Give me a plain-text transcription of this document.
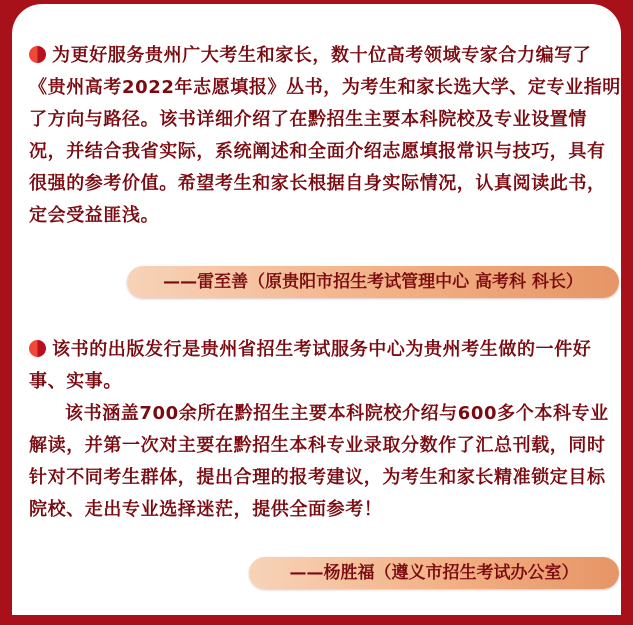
为更好服务贵州广大考生和家长，数十位高考领域专家合力编写了《贵州高考2022年志愿填报》丛书，为考生和家长选大学、定专业指明了方向与路径。该书详细介绍了在黔招生主要本科院校及专业设置情况，并结合我省实际，系统阐述和全面介绍志愿填报常识与技巧，具有很强的参考价值。希望考生和家长根据自身实际情况，认真阅读此书，定会受益匪浅。

——雷至善（原贵阳市招生考试管理中心 高考科 科长）

该书的出版发行是贵州省招生考试服务中心为贵州考生做的一件好事、实事。

该书涵盖700余所在黔招生主要本科院校介绍与600多个本科专业解读，并第一次对主要在黔招生本科专业录取分数作了汇总刊载，同时针对不同考生群体，提出合理的报考建议，为考生和家长精准锁定目标院校、走出专业选择迷茫，提供全面参考！

——杨胜福（遵义市招生考试办公室）
